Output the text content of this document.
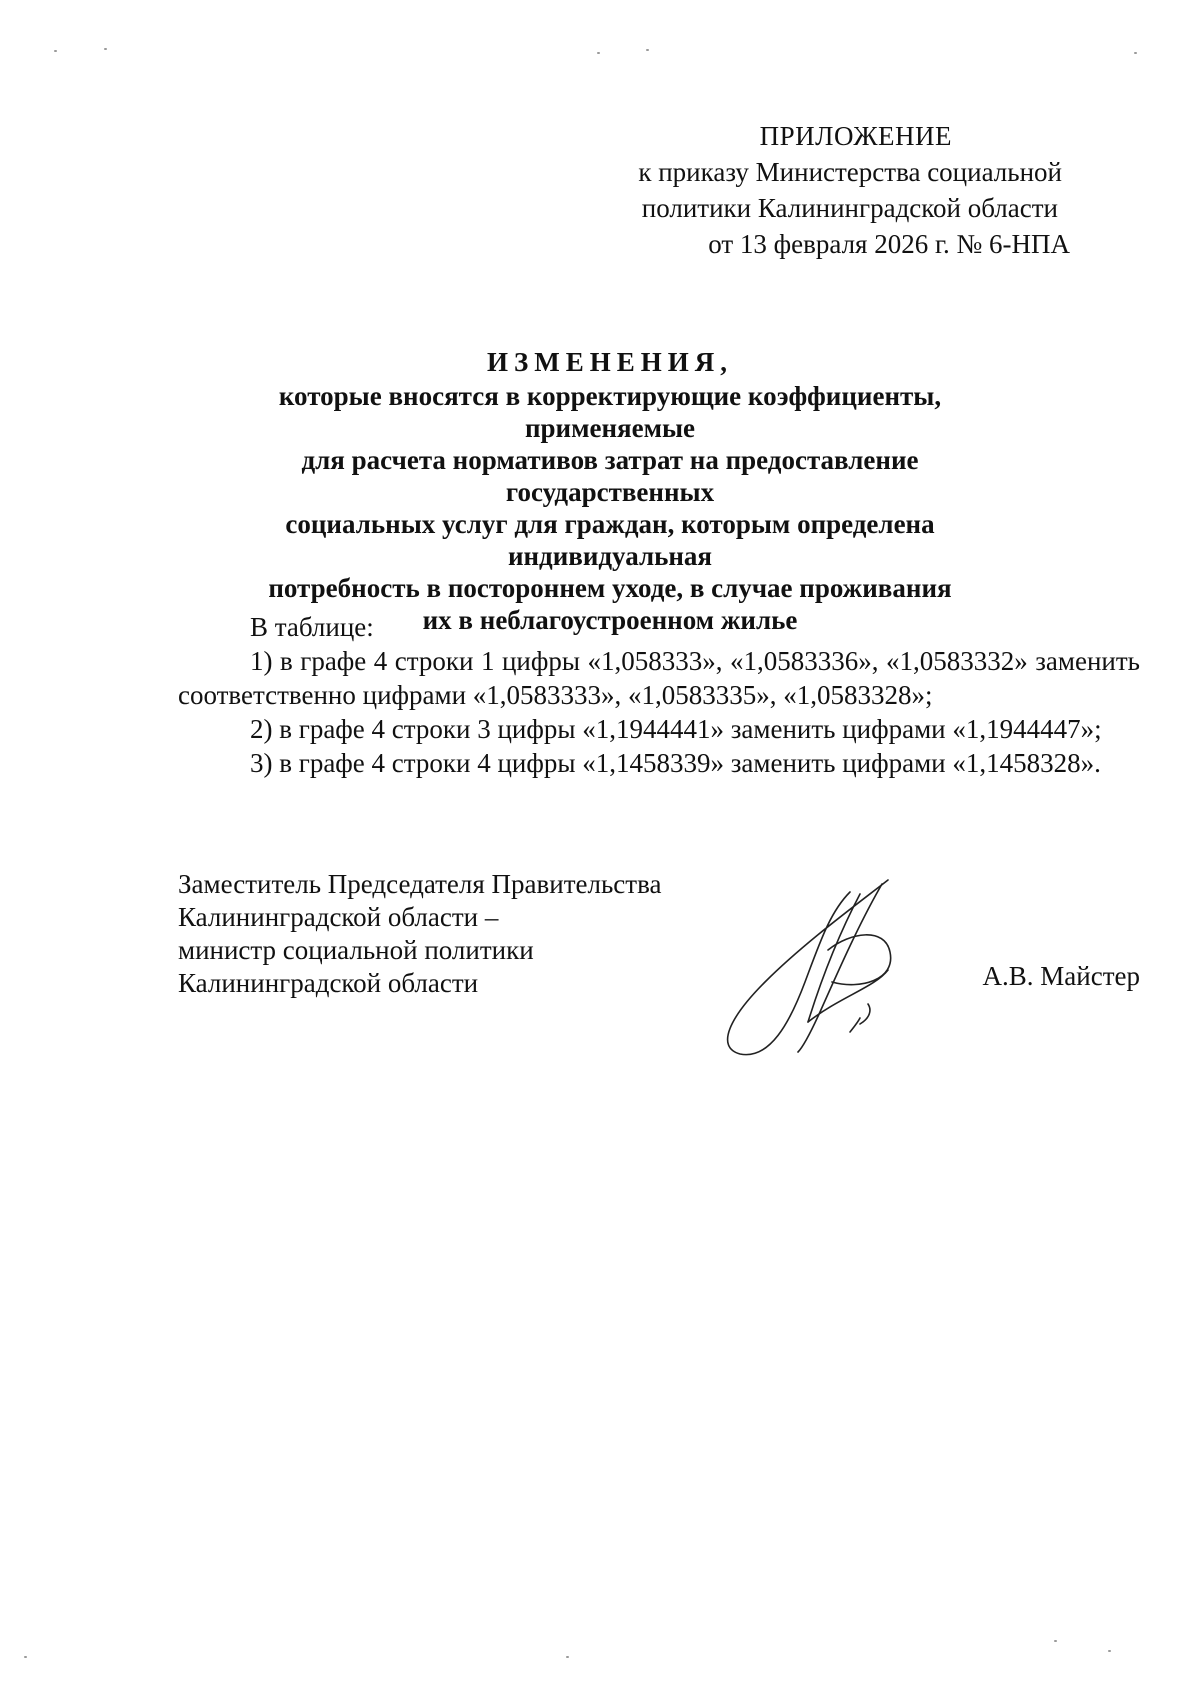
ПРИЛОЖЕНИЕ
к приказу Министерства социальной
политики Калининградской области
от 13 февраля 2026 г. № 6-НПА
ИЗМЕНЕНИЯ,
которые вносятся в корректирующие коэффициенты, применяемые
для расчета нормативов затрат на предоставление государственных
социальных услуг для граждан, которым определена индивидуальная
потребность в постороннем уходе, в случае проживания
их в неблагоустроенном жилье

В таблице:

1) в графе 4 строки 1 цифры «1,058333», «1,0583336», «1,0583332» заменить соответственно цифрами «1,0583333», «1,0583335», «1,0583328»;

2) в графе 4 строки 3 цифры «1,1944441» заменить цифрами «1,1944447»;

3) в графе 4 строки 4 цифры «1,1458339» заменить цифрами «1,1458328».

Заместитель Председателя Правительства
Калининградской области –
министр социальной политики
Калининградской области	А.В. Майстер
